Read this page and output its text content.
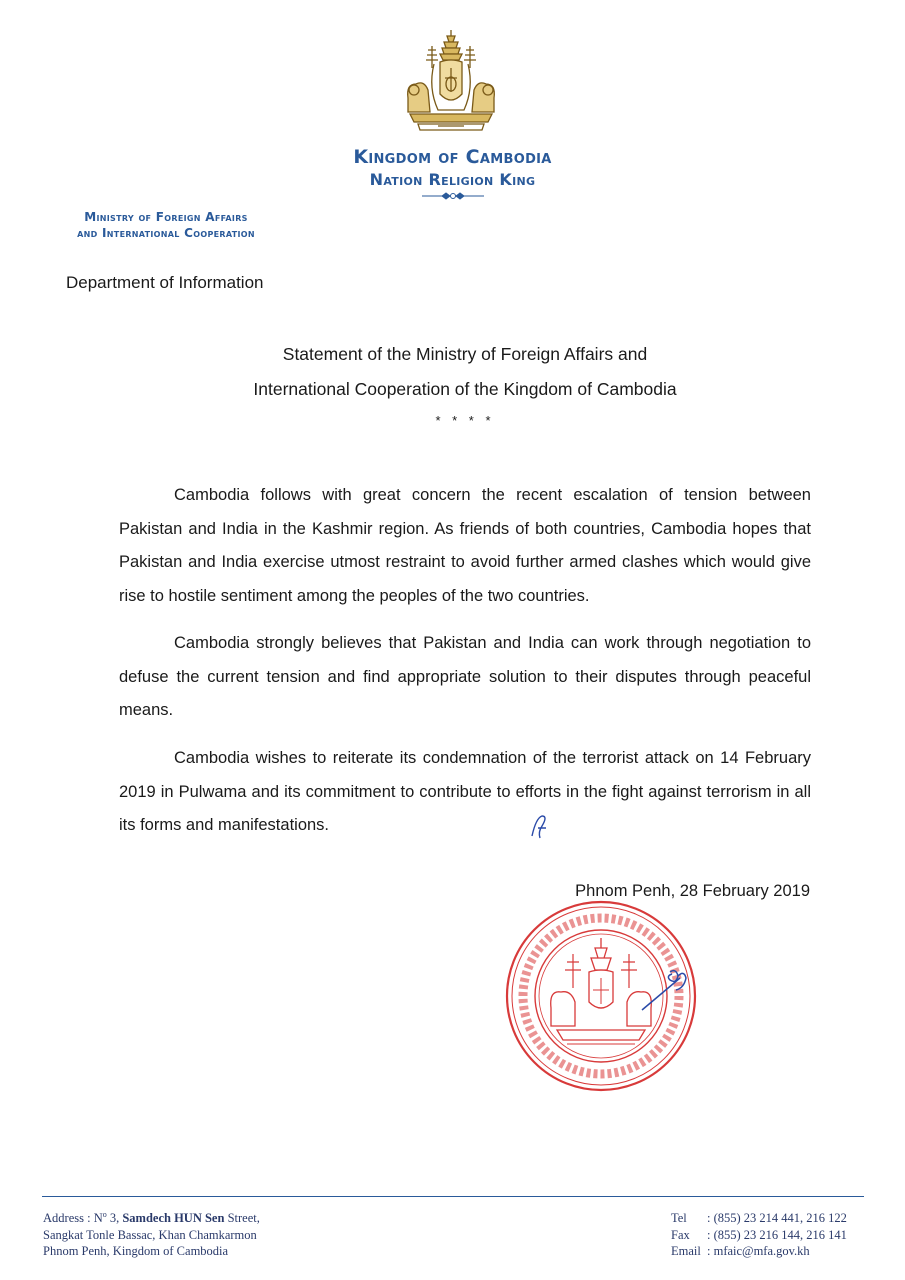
Kingdom of Cambodia
Nation Religion King
Ministry of Foreign Affairs
and International Cooperation
Department of Information
Statement of the Ministry of Foreign Affairs and
International Cooperation of the Kingdom of Cambodia
* * * *

Cambodia follows with great concern the recent escalation of tension between Pakistan and India in the Kashmir region. As friends of both countries, Cambodia hopes that Pakistan and India exercise utmost restraint to avoid further armed clashes which would give rise to hostile sentiment among the peoples of the two countries.

Cambodia strongly believes that Pakistan and India can work through negotiation to defuse the current tension and find appropriate solution to their disputes through peaceful means.

Cambodia wishes to reiterate its condemnation of the terrorist attack on 14 February 2019 in Pulwama and its commitment to contribute to efforts in the fight against terrorism in all its forms and manifestations.

Phnom Penh, 28 February 2019
Address : $N^o$ 3, Samdech HUN Sen Street,
Sangkat Tonle Bassac, Khan Chamkarmon
Phnom Penh, Kingdom of Cambodia
Tel : (855) 23 214 441, 216 122
Fax : (855) 23 216 144, 216 141
Email : mfaic@mfa.gov.kh
